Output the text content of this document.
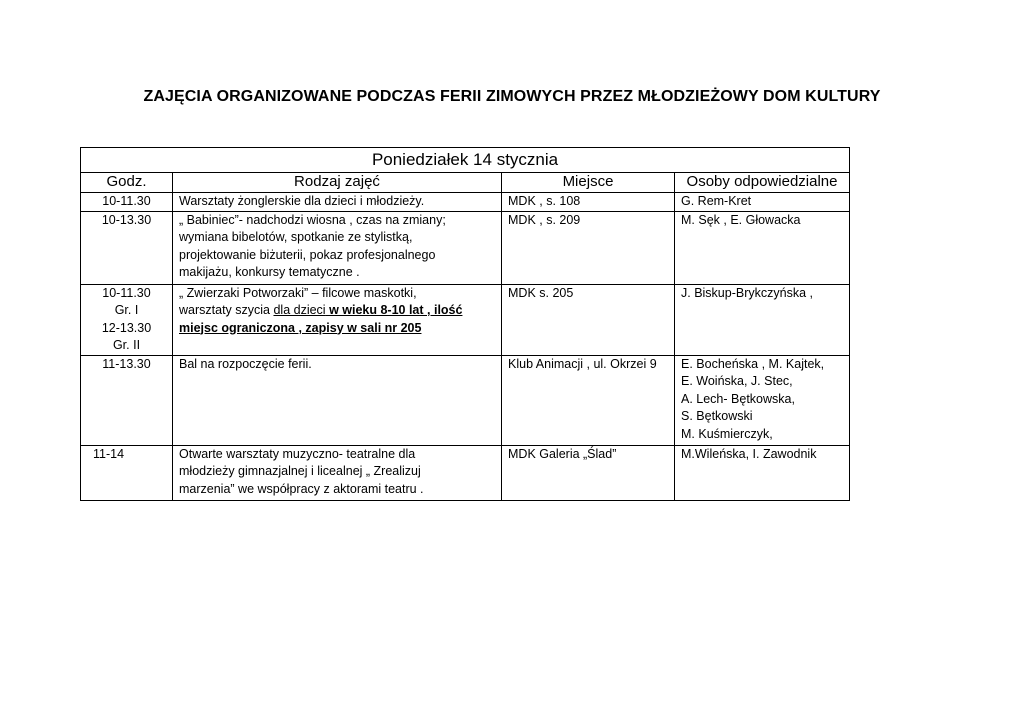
ZAJĘCIA ORGANIZOWANE PODCZAS FERII ZIMOWYCH PRZEZ MŁODZIEŻOWY DOM KULTURY
Poniedziałek 14 stycznia			
Godz.	Rodzaj zajęć	Miejsce	Osoby odpowiedzialne

10-11.30	Warsztaty żonglerskie dla dzieci i młodzieży.	MDK , s. 108	G. Rem-Kret

10-13.30	„ Babiniec”- nadchodzi wiosna , czas na zmiany;
wymiana bibelotów, spotkanie ze stylistką,
projektowanie biżuterii, pokaz profesjonalnego
makijażu, konkursy tematyczne .	MDK , s. 209	M. Sęk , E. Głowacka

10-11.30
Gr. I
12-13.30
Gr. II	„ Zwierzaki Potworzaki” – filcowe maskotki,
warsztaty szycia dla dzieci w wieku 8-10 lat , ilość
miejsc ograniczona , zapisy w sali nr 205	MDK s. 205	J. Biskup-Brykczyńska ,

11-13.30	Bal na rozpoczęcie ferii.	Klub Animacji , ul. Okrzei 9	E. Bocheńska , M. Kajtek,
E. Woińska, J. Stec,
A. Lech- Bętkowska,
S. Bętkowski
M. Kuśmierczyk,

11-14	Otwarte warsztaty muzyczno- teatralne dla
młodzieży gimnazjalnej i licealnej „ Zrealizuj
marzenia” we współpracy z aktorami teatru .	MDK Galeria „Ślad”	M.Wileńska, I. Zawodnik
